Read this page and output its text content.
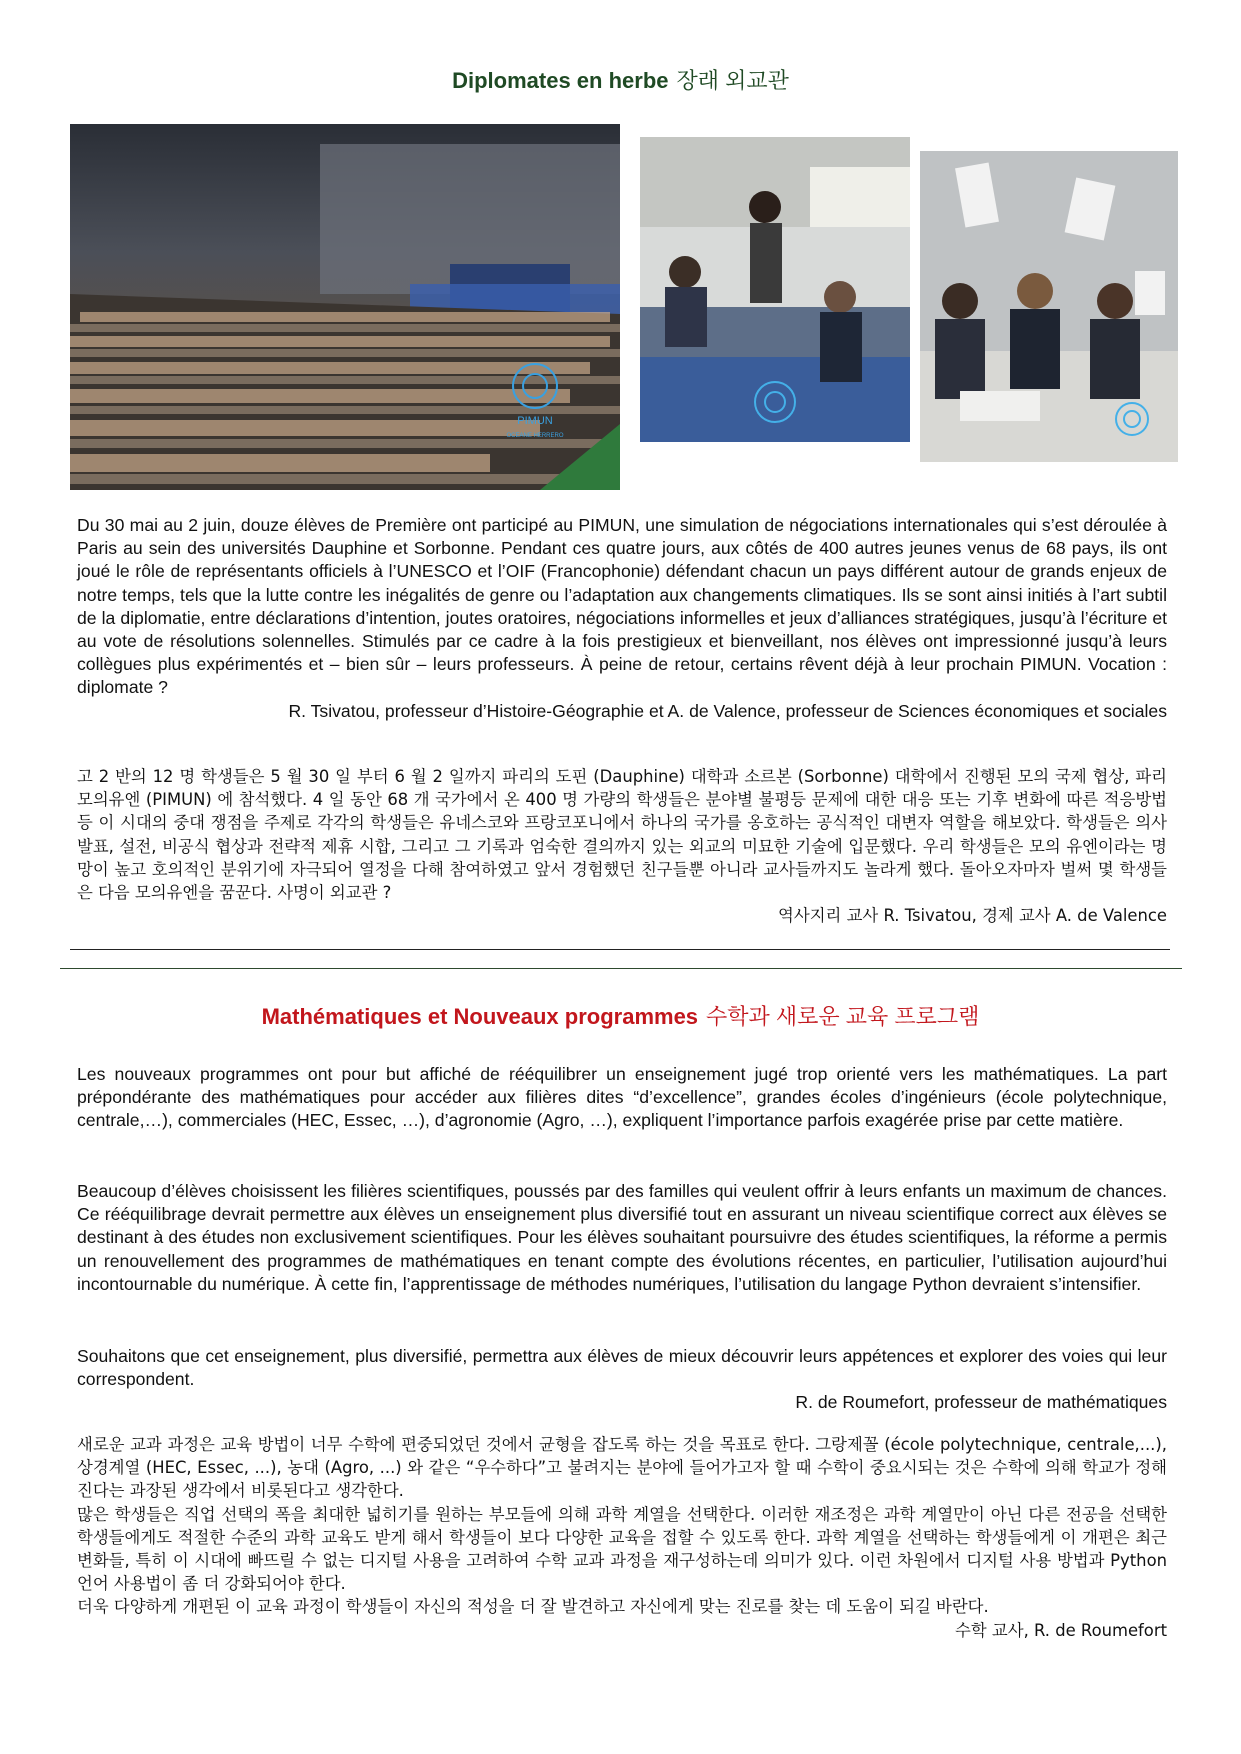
Diplomates en herbe 장래 외교관
PIMUN
OCEANE HERRERO

Du 30 mai au 2 juin, douze élèves de Première ont participé au PIMUN, une simulation de négociations internationales qui s’est déroulée à Paris au sein des universités Dauphine et Sorbonne. Pendant ces quatre jours, aux côtés de 400 autres jeunes venus de 68 pays, ils ont joué le rôle de représentants officiels à l’UNESCO et l’OIF (Francophonie) défendant chacun un pays différent autour de grands enjeux de notre temps, tels que la lutte contre les inégalités de genre ou l’adaptation aux changements climatiques. Ils se sont ainsi initiés à l’art subtil de la diplomatie, entre déclarations d’intention, joutes oratoires, négociations informelles et jeux d’alliances stratégiques, jusqu’à l’écriture et au vote de résolutions solennelles. Stimulés par ce cadre à la fois prestigieux et bienveillant, nos élèves ont impressionné jusqu’à leurs collègues plus expérimentés et – bien sûr – leurs professeurs. À peine de retour, certains rêvent déjà à leur prochain PIMUN. Vocation : diplomate ?

R. Tsivatou, professeur d’Histoire-Géographie et A. de Valence, professeur de Sciences économiques et sociales

고 2 반의 12 명 학생들은 5 월 30 일 부터 6 월 2 일까지 파리의 도핀 (Dauphine) 대학과 소르본 (Sorbonne) 대학에서 진행된 모의 국제 협상, 파리 모의유엔 (PIMUN) 에 참석했다. 4 일 동안 68 개 국가에서 온 400 명 가량의 학생들은 분야별 불평등 문제에 대한 대응 또는 기후 변화에 따른 적응방법 등 이 시대의 중대 쟁점을 주제로 각각의 학생들은 유네스코와 프랑코포니에서 하나의 국가를 옹호하는 공식적인 대변자 역할을 해보았다. 학생들은 의사 발표, 설전, 비공식 협상과 전략적 제휴 시합, 그리고 그 기록과 엄숙한 결의까지 있는 외교의 미묘한 기술에 입문했다. 우리 학생들은 모의 유엔이라는 명망이 높고 호의적인 분위기에 자극되어 열정을 다해 참여하였고 앞서 경험했던 친구들뿐 아니라 교사들까지도 놀라게 했다. 돌아오자마자 벌써 몇 학생들은 다음 모의유엔을 꿈꾼다. 사명이 외교관 ?

역사지리 교사 R. Tsivatou, 경제 교사 A. de Valence

Mathématiques et Nouveaux programmes 수학과 새로운 교육 프로그램

Les nouveaux programmes ont pour but affiché de rééquilibrer un enseignement jugé trop orienté vers les mathématiques. La part prépondérante des mathématiques pour accéder aux filières dites “d’excellence”, grandes écoles d’ingénieurs (école polytechnique, centrale,…), commerciales (HEC, Essec, …), d’agronomie (Agro, …), expliquent l’importance parfois exagérée prise par cette matière.

Beaucoup d’élèves choisissent les filières scientifiques, poussés par des familles qui veulent offrir à leurs enfants un maximum de chances. Ce rééquilibrage devrait permettre aux élèves un enseignement plus diversifié tout en assurant un niveau scientifique correct aux élèves se destinant à des études non exclusivement scientifiques. Pour les élèves souhaitant poursuivre des études scientifiques, la réforme a permis un renouvellement des programmes de mathématiques en tenant compte des évolutions récentes, en particulier, l’utilisation aujourd’hui incontournable du numérique. À cette fin, l’apprentissage de méthodes numériques, l’utilisation du langage Python devraient s’intensifier.

Souhaitons que cet enseignement, plus diversifié, permettra aux élèves de mieux découvrir leurs appétences et explorer des voies qui leur correspondent.

R. de Roumefort, professeur de mathématiques

새로운 교과 과정은 교육 방법이 너무 수학에 편중되었던 것에서 균형을 잡도록 하는 것을 목표로 한다. 그랑제꼴 (école polytechnique, centrale,...), 상경계열 (HEC, Essec, ...), 농대 (Agro, ...) 와 같은 “우수하다”고 불려지는 분야에 들어가고자 할 때 수학이 중요시되는 것은 수학에 의해 학교가 정해진다는 과장된 생각에서 비롯된다고 생각한다.

많은 학생들은 직업 선택의 폭을 최대한 넓히기를 원하는 부모들에 의해 과학 계열을 선택한다. 이러한 재조정은 과학 계열만이 아닌 다른 전공을 선택한 학생들에게도 적절한 수준의 과학 교육도 받게 해서 학생들이 보다 다양한 교육을 접할 수 있도록 한다. 과학 계열을 선택하는 학생들에게 이 개편은 최근 변화들, 특히 이 시대에 빠뜨릴 수 없는 디지털 사용을 고려하여 수학 교과 과정을 재구성하는데 의미가 있다. 이런 차원에서 디지털 사용 방법과 Python 언어 사용법이 좀 더 강화되어야 한다.

더욱 다양하게 개편된 이 교육 과정이 학생들이 자신의 적성을 더 잘 발견하고 자신에게 맞는 진로를 찾는 데 도움이 되길 바란다.

수학 교사, R. de Roumefort
